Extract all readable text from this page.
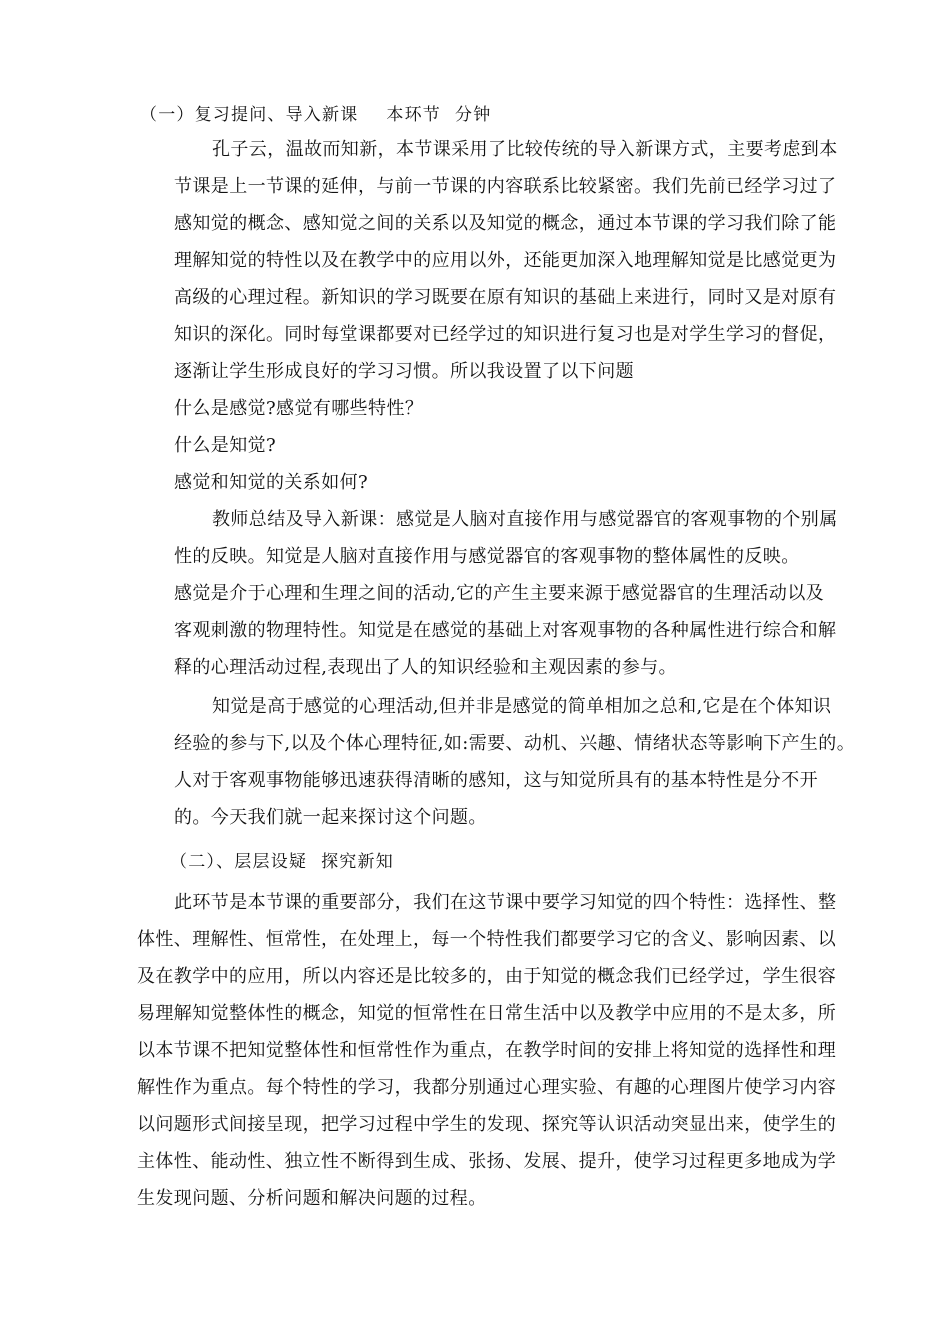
（一）复习提问、导入新课 本环节 分钟
孔子云，温故而知新，本节课采用了比较传统的导入新课方式，主要考虑到本
节课是上一节课的延伸，与前一节课的内容联系比较紧密。我们先前已经学习过了
感知觉的概念、感知觉之间的关系以及知觉的概念，通过本节课的学习我们除了能
理解知觉的特性以及在教学中的应用以外，还能更加深入地理解知觉是比感觉更为
高级的心理过程。新知识的学习既要在原有知识的基础上来进行，同时又是对原有
知识的深化。同时每堂课都要对已经学过的知识进行复习也是对学生学习的督促，
逐渐让学生形成良好的学习习惯。所以我设置了以下问题
什么是感觉?感觉有哪些特性？
什么是知觉?
感觉和知觉的关系如何?
教师总结及导入新课：感觉是人脑对直接作用与感觉器官的客观事物的个别属
性的反映。知觉是人脑对直接作用与感觉器官的客观事物的整体属性的反映。
感觉是介于心理和生理之间的活动,它的产生主要来源于感觉器官的生理活动以及
客观刺激的物理特性。知觉是在感觉的基础上对客观事物的各种属性进行综合和解
释的心理活动过程,表现出了人的知识经验和主观因素的参与。
知觉是高于感觉的心理活动,但并非是感觉的简单相加之总和,它是在个体知识
经验的参与下,以及个体心理特征,如:需要、动机、兴趣、情绪状态等影响下产生的。
人对于客观事物能够迅速获得清晰的感知，这与知觉所具有的基本特性是分不开
的。今天我们就一起来探讨这个问题。
（二）、层层设疑 探究新知
此环节是本节课的重要部分，我们在这节课中要学习知觉的四个特性：选择性、整
体性、理解性、恒常性，在处理上，每一个特性我们都要学习它的含义、影响因素、以
及在教学中的应用，所以内容还是比较多的，由于知觉的概念我们已经学过，学生很容
易理解知觉整体性的概念，知觉的恒常性在日常生活中以及教学中应用的不是太多，所
以本节课不把知觉整体性和恒常性作为重点，在教学时间的安排上将知觉的选择性和理
解性作为重点。每个特性的学习，我都分别通过心理实验、有趣的心理图片使学习内容
以问题形式间接呈现，把学习过程中学生的发现、探究等认识活动突显出来，使学生的
主体性、能动性、独立性不断得到生成、张扬、发展、提升，使学习过程更多地成为学
生发现问题、分析问题和解决问题的过程。
